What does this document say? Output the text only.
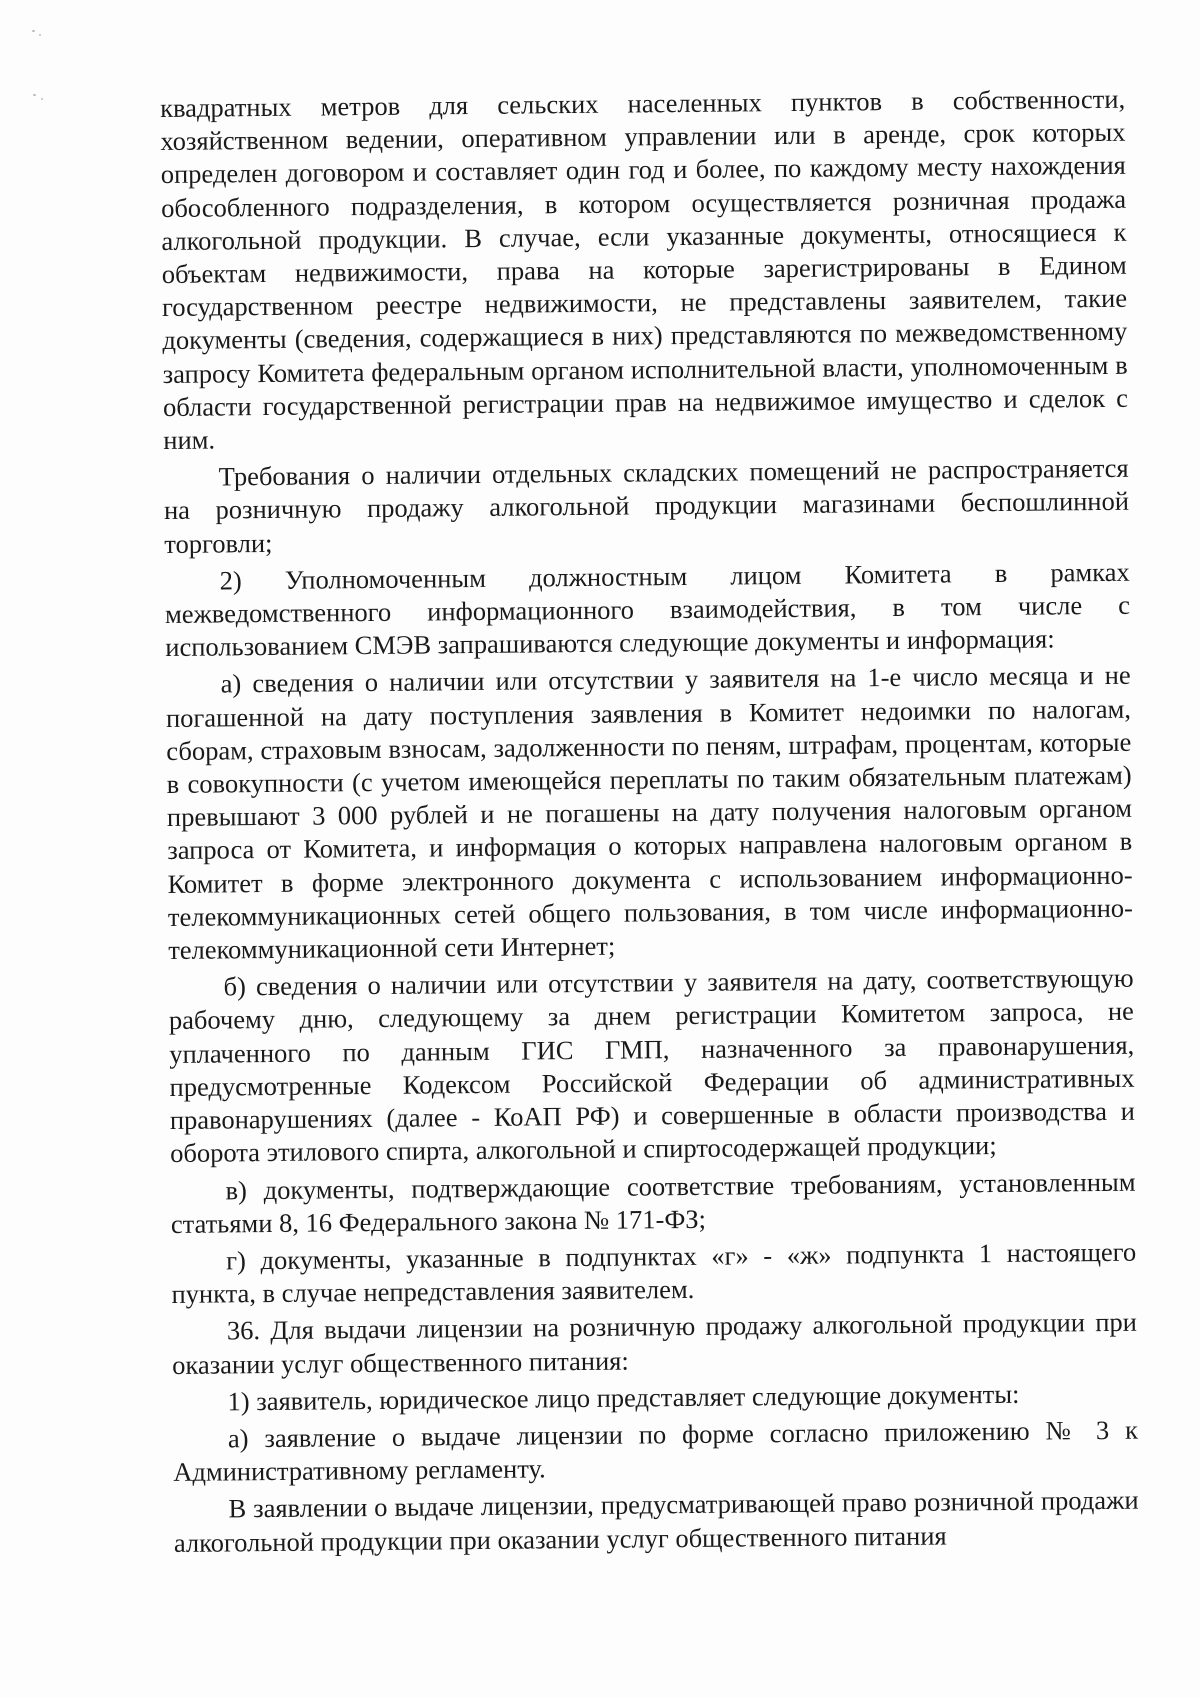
квадратных метров для сельских населенных пунктов в собственности, хозяйственном ведении, оперативном управлении или в аренде, срок которых определен договором и составляет один год и более, по каждому месту нахождения обособленного подразделения, в котором осуществляется розничная продажа алкогольной продукции. В случае, если указанные документы, относящиеся к объектам недвижимости, права на которые зарегистрированы в Едином государственном реестре недвижимости, не представлены заявителем, такие документы (сведения, содержащиеся в них) представляются по межведомственному запросу Комитета федеральным органом исполнительной власти, уполномоченным в области государственной регистрации прав на недвижимое имущество и сделок с ним.

Требования о наличии отдельных складских помещений не распространяется на розничную продажу алкогольной продукции магазинами беспошлинной торговли;

2) Уполномоченным должностным лицом Комитета в рамках межведомственного информационного взаимодействия, в том числе с использованием СМЭВ запрашиваются следующие документы и информация:

а) сведения о наличии или отсутствии у заявителя на 1-е число месяца и не погашенной на дату поступления заявления в Комитет недоимки по налогам, сборам, страховым взносам, задолженности по пеням, штрафам, процентам, которые в совокупности (с учетом имеющейся переплаты по таким обязательным платежам) превышают 3 000 рублей и не погашены на дату получения налоговым органом запроса от Комитета, и информация о которых направлена налоговым органом в Комитет в форме электронного документа с использованием информационно-телекоммуникационных сетей общего пользования, в том числе информационно-телекоммуникационной сети Интернет;

б) сведения о наличии или отсутствии у заявителя на дату, соответствующую рабочему дню, следующему за днем регистрации Комитетом запроса, не уплаченного по данным ГИС ГМП, назначенного за правонарушения, предусмотренные Кодексом Российской Федерации об административных правонарушениях (далее - КоАП РФ) и совершенные в области производства и оборота этилового спирта, алкогольной и спиртосодержащей продукции;

в) документы, подтверждающие соответствие требованиям, установленным статьями 8, 16 Федерального закона № 171-ФЗ;

г) документы, указанные в подпунктах «г» - «ж» подпункта 1 настоящего пункта, в случае непредставления заявителем.

36. Для выдачи лицензии на розничную продажу алкогольной продукции при оказании услуг общественного питания:

1) заявитель, юридическое лицо представляет следующие документы:

а) заявление о выдаче лицензии по форме согласно приложению № 3 к Административному регламенту.

В заявлении о выдаче лицензии, предусматривающей право розничной продажи алкогольной продукции при оказании услуг общественного питания
